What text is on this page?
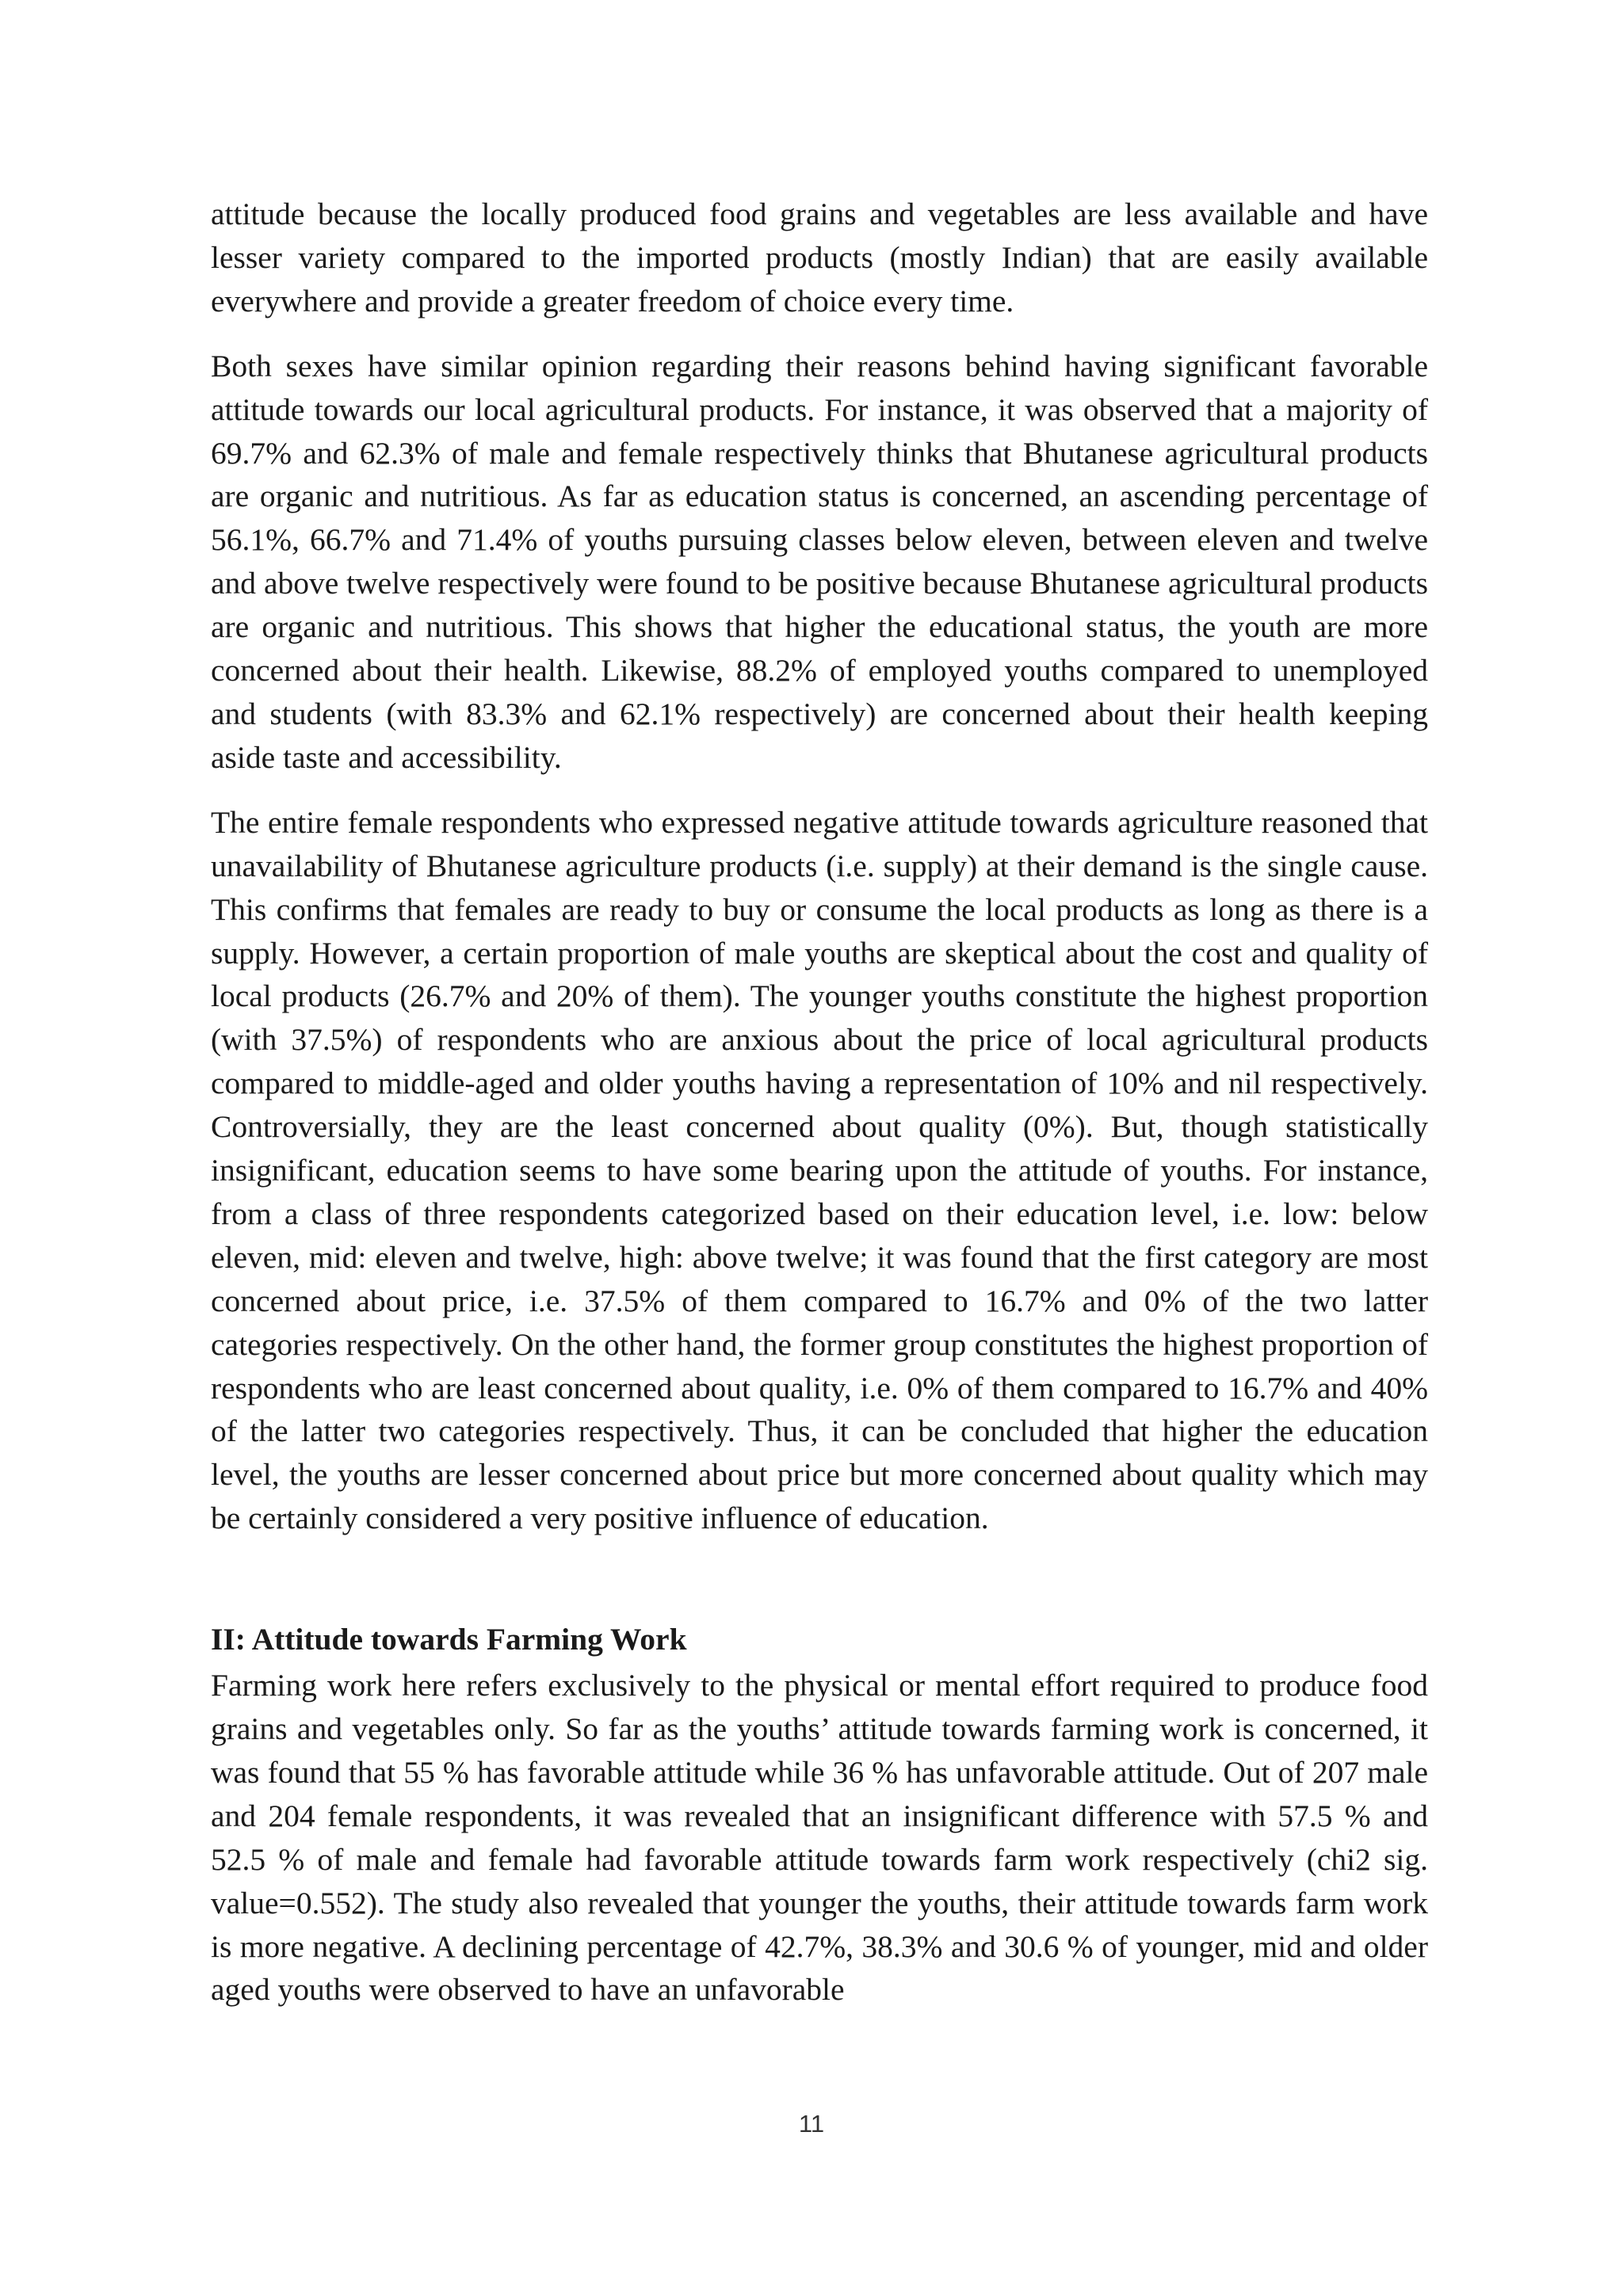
attitude because the locally produced food grains and vegetables are less available and have lesser variety compared to the imported products (mostly Indian) that are easily available everywhere and provide a greater freedom of choice every time.

Both sexes have similar opinion regarding their reasons behind having significant favorable attitude towards our local agricultural products. For instance, it was observed that a majority of 69.7% and 62.3% of male and female respectively thinks that Bhutanese agricultural products are organic and nutritious. As far as education status is concerned, an ascending percentage of 56.1%, 66.7% and 71.4% of youths pursuing classes below eleven, between eleven and twelve and above twelve respectively were found to be positive because Bhutanese agricultural products are organic and nutritious. This shows that higher the educational status, the youth are more concerned about their health. Likewise, 88.2% of employed youths compared to unemployed and students (with 83.3% and 62.1% respectively) are concerned about their health keeping aside taste and accessibility.

The entire female respondents who expressed negative attitude towards agriculture reasoned that unavailability of Bhutanese agriculture products (i.e. supply) at their demand is the single cause. This confirms that females are ready to buy or consume the local products as long as there is a supply. However, a certain proportion of male youths are skeptical about the cost and quality of local products (26.7% and 20% of them). The younger youths constitute the highest proportion (with 37.5%) of respondents who are anxious about the price of local agricultural products compared to middle-aged and older youths having a representation of 10% and nil respectively. Controversially, they are the least concerned about quality (0%). But, though statistically insignificant, education seems to have some bearing upon the attitude of youths. For instance, from a class of three respondents categorized based on their education level, i.e. low: below eleven, mid: eleven and twelve, high: above twelve; it was found that the first category are most concerned about price, i.e. 37.5% of them compared to 16.7% and 0% of the two latter categories respectively. On the other hand, the former group constitutes the highest proportion of respondents who are least concerned about quality, i.e. 0% of them compared to 16.7% and 40% of the latter two categories respectively. Thus, it can be concluded that higher the education level, the youths are lesser concerned about price but more concerned about quality which may be certainly considered a very positive influence of education.

II: Attitude towards Farming Work

Farming work here refers exclusively to the physical or mental effort required to produce food grains and vegetables only. So far as the youths’ attitude towards farming work is concerned, it was found that 55 % has favorable attitude while 36 % has unfavorable attitude. Out of 207 male and 204 female respondents, it was revealed that an insignificant difference with 57.5 % and 52.5 % of male and female had favorable attitude towards farm work respectively (chi2 sig. value=0.552). The study also revealed that younger the youths, their attitude towards farm work is more negative. A declining percentage of 42.7%, 38.3% and 30.6 % of younger, mid and older aged youths were observed to have an unfavorable

11
